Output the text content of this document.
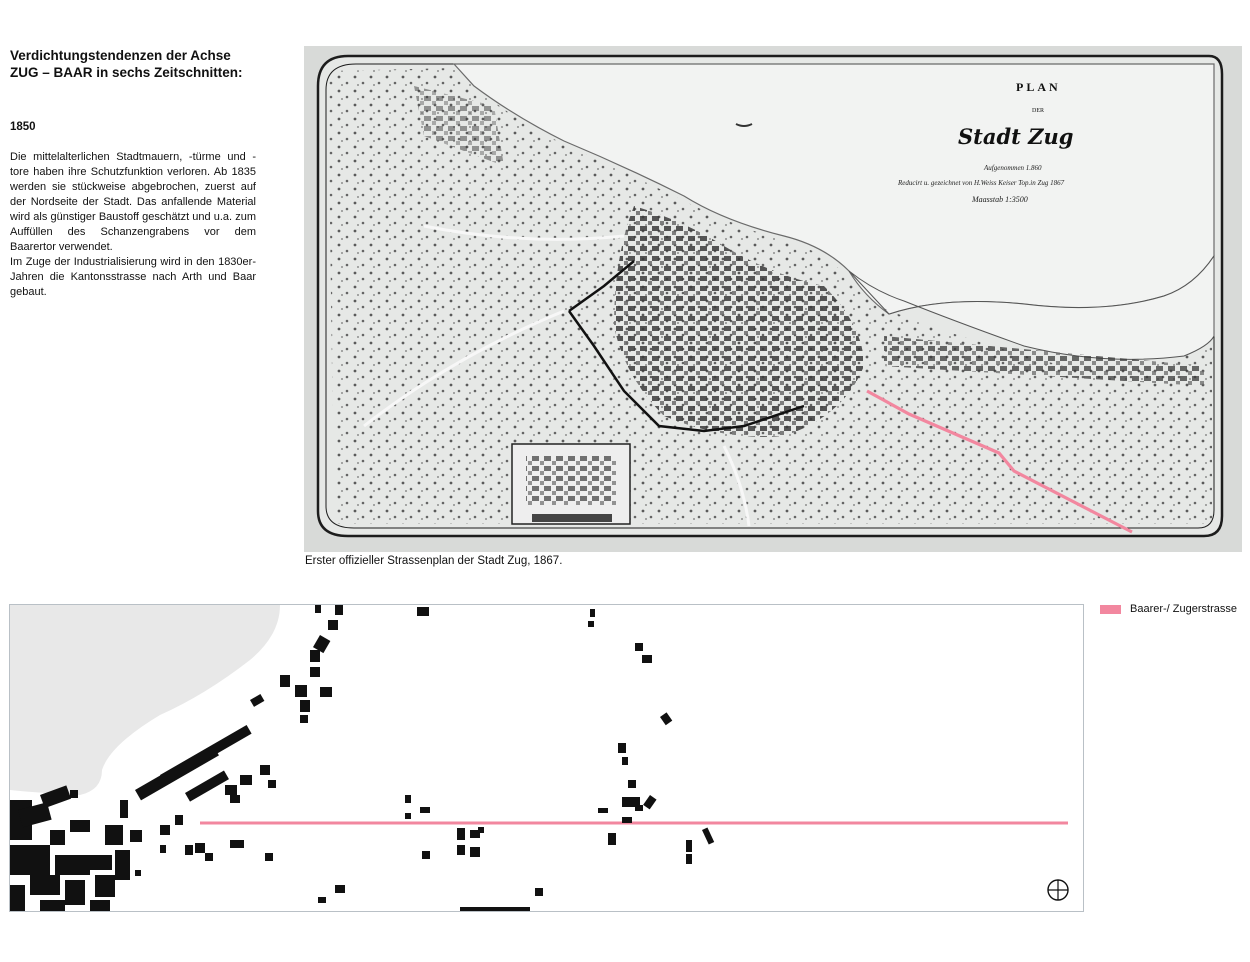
Verdichtungstendenzen der Achse
ZUG – BAAR in sechs Zeitschnitten:
1850

Die mittelalterlichen Stadtmauern, -türme und -tore haben ihre Schutzfunktion verloren. Ab 1835 werden sie stückweise abgebrochen, zuerst auf der Nordseite der Stadt. Das anfallende Material wird als günstiger Baustoff geschätzt und u.a. zum Auffüllen des Schanzengrabens vor dem Baarertor verwendet.

Im Zuge der Industrialisierung wird in den 1830er-Jahren die Kantonsstrasse nach Arth und Baar gebaut.

PLAN
DER
Stadt Zug
Aufgenommen 1.860
Reducirt u. gezeichnet von H.Weiss Keiser Top.in Zug 1867
Maasstab 1:3500
Erster offizieller Strassenplan der Stadt Zug, 1867.
Baarer-/ Zugerstrasse
